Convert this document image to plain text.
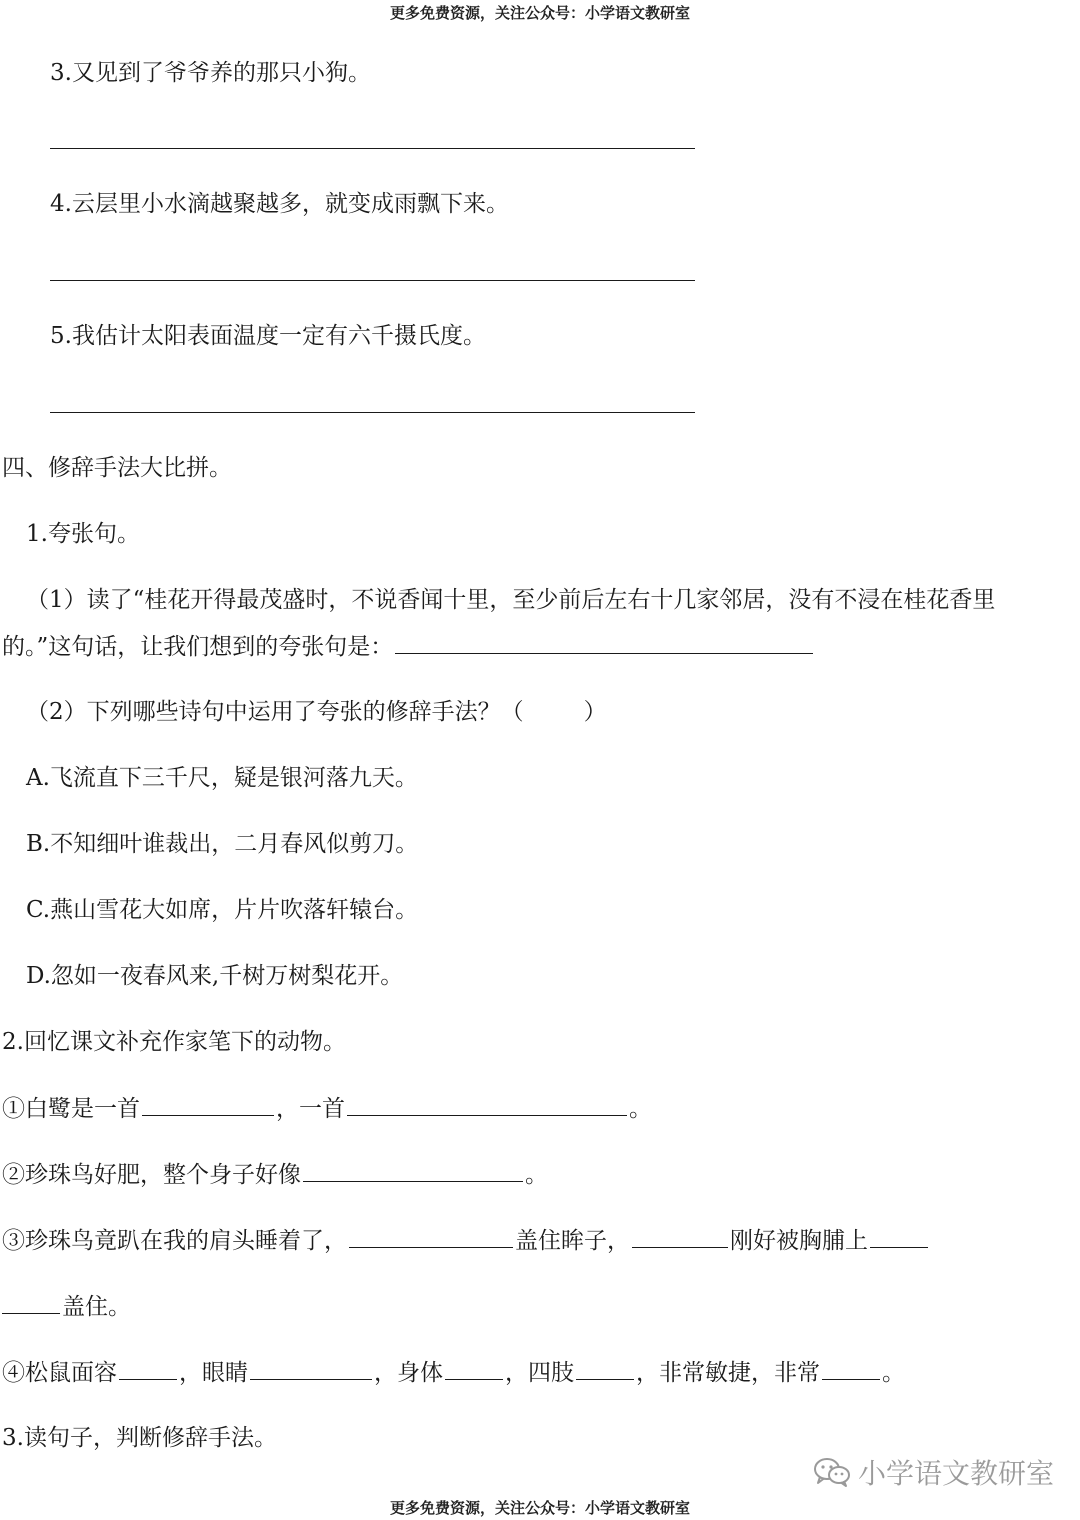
更多免费资源，关注公众号：小学语文教研室
3.又见到了爷爷养的那只小狗。
4.云层里小水滴越聚越多，就变成雨飘下来。
5.我估计太阳表面温度一定有六千摄氏度。
四、修辞手法大比拼。
1.夸张句。
（1）读了“桂花开得最茂盛时，不说香闻十里，至少前后左右十几家邻居，没有不浸在桂花香里
的。”这句话，让我们想到的夸张句是：
（2）下列哪些诗句中运用了夸张的修辞手法？（	）
A.飞流直下三千尺，疑是银河落九天。
B.不知细叶谁裁出，二月春风似剪刀。
C.燕山雪花大如席，片片吹落轩辕台。
D.忽如一夜春风来,千树万树梨花开。
2.回忆课文补充作家笔下的动物。
①白鹭是一首	，一首	。
②珍珠鸟好肥，整个身子好像	。
③珍珠鸟竟趴在我的肩头睡着了，	盖住眸子，	刚好被胸脯上
盖住。
④松鼠面容	，眼睛	，身体	，四肢	，非常敏捷，非常	。
3.读句子，判断修辞手法。
小学语文教研室
更多免费资源，关注公众号：小学语文教研室
